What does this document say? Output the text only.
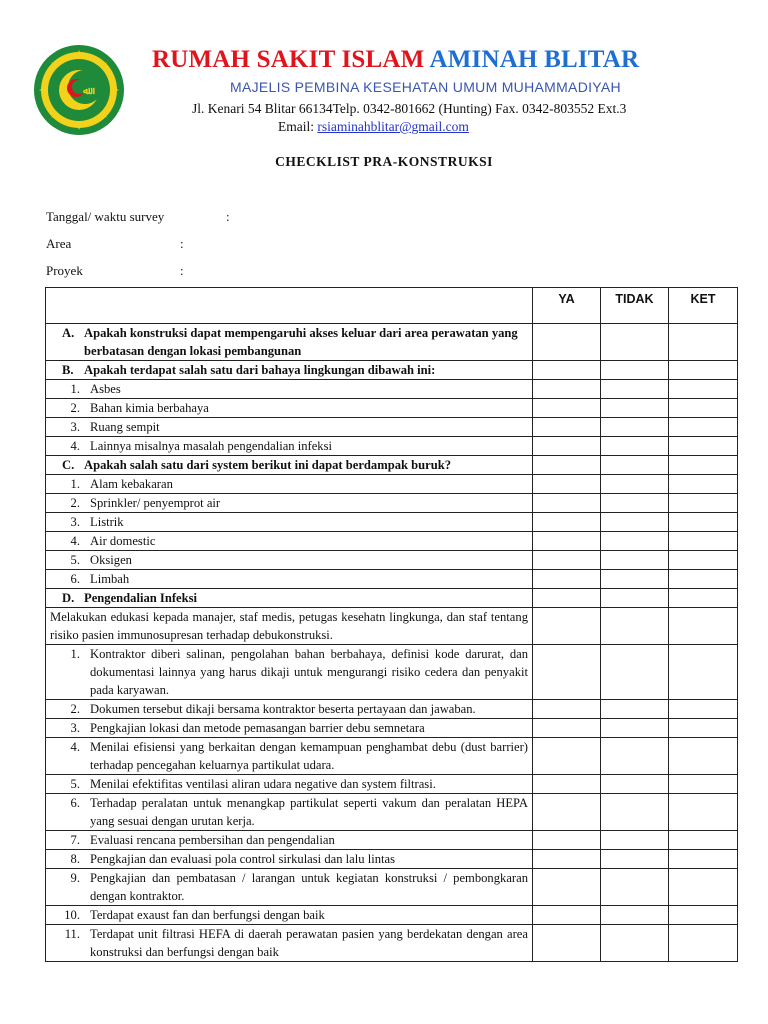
ﷲ
RUMAH SAKIT ISLAM AMINAH BLITAR
MAJELIS PEMBINA KESEHATAN UMUM MUHAMMADIYAH
Jl. Kenari 54 Blitar 66134Telp. 0342-801662 (Hunting) Fax. 0342-803552 Ext.3
Email: rsiaminahblitar@gmail.com
CHECKLIST PRA-KONSTRUKSI
Tanggal/ waktu survey	:
Area	:
Proyek	:
	YA	TIDAK	KET

A. Apakah konstruksi dapat mempengaruhi akses keluar dari area perawatan yang berbatasan dengan lokasi pembangunan			

B. Apakah terdapat salah satu dari bahaya lingkungan dibawah ini:			

1. Asbes			

2. Bahan kimia berbahaya			

3. Ruang sempit			

4. Lainnya misalnya masalah pengendalian infeksi			

C. Apakah salah satu dari system berikut ini dapat berdampak buruk?			

1. Alam kebakaran			

2. Sprinkler/ penyemprot air			

3. Listrik			

4. Air domestic			

5. Oksigen			

6. Limbah			

D. Pengendalian Infeksi			

Melakukan edukasi kepada manajer, staf medis, petugas kesehatn lingkunga, dan staf tentang risiko pasien immunosupresan terhadap debukonstruksi.			

1. Kontraktor diberi salinan, pengolahan bahan berbahaya, definisi kode darurat, dan dokumentasi lainnya yang harus dikaji untuk mengurangi risiko cedera dan penyakit pada karyawan.			

2. Dokumen tersebut dikaji bersama kontraktor beserta pertayaan dan jawaban.			

3. Pengkajian lokasi dan metode pemasangan barrier debu semnetara			

4. Menilai efisiensi yang berkaitan dengan kemampuan penghambat debu (dust barrier) terhadap pencegahan keluarnya partikulat udara.			

5. Menilai efektifitas ventilasi aliran udara negative dan system filtrasi.			

6. Terhadap peralatan untuk menangkap partikulat seperti vakum dan peralatan HEPA yang sesuai dengan urutan kerja.			

7. Evaluasi rencana pembersihan dan pengendalian			

8. Pengkajian dan evaluasi pola control sirkulasi dan lalu lintas			

9. Pengkajian dan pembatasan / larangan untuk kegiatan konstruksi / pembongkaran dengan kontraktor.			

10. Terdapat exaust fan dan berfungsi dengan baik			

11. Terdapat unit filtrasi HEFA di daerah perawatan pasien yang berdekatan dengan area konstruksi dan berfungsi dengan baik			
